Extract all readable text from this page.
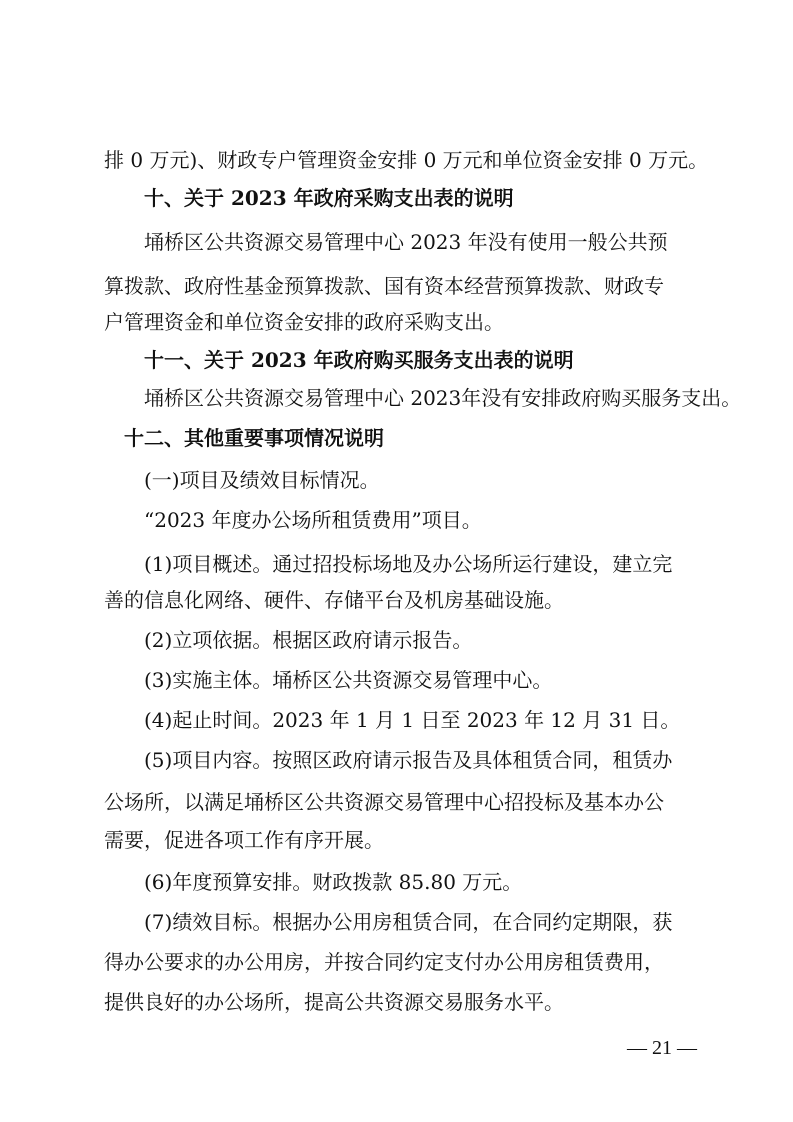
排 0 万元)、财政专户管理资金安排 0 万元和单位资金安排 0 万元。
十、关于 2023 年政府采购支出表的说明
埇桥区公共资源交易管理中心 2023 年没有使用一般公共预
算拨款、政府性基金预算拨款、国有资本经营预算拨款、财政专
户管理资金和单位资金安排的政府采购支出。
十一、关于 2023 年政府购买服务支出表的说明
埇桥区公共资源交易管理中心 2023年没有安排政府购买服务支出。
十二、其他重要事项情况说明
(一)项目及绩效目标情况。
“2023 年度办公场所租赁费用”项目。
(1)项目概述。通过招投标场地及办公场所运行建设，建立完
善的信息化网络、硬件、存储平台及机房基础设施。
(2)立项依据。根据区政府请示报告。
(3)实施主体。埇桥区公共资源交易管理中心。
(4)起止时间。2023 年 1 月 1 日至 2023 年 12 月 31 日。
(5)项目内容。按照区政府请示报告及具体租赁合同，租赁办
公场所，以满足埇桥区公共资源交易管理中心招投标及基本办公
需要，促进各项工作有序开展。
(6)年度预算安排。财政拨款 85.80 万元。
(7)绩效目标。根据办公用房租赁合同，在合同约定期限，获
得办公要求的办公用房，并按合同约定支付办公用房租赁费用，
提供良好的办公场所，提高公共资源交易服务水平。
— 21 —
